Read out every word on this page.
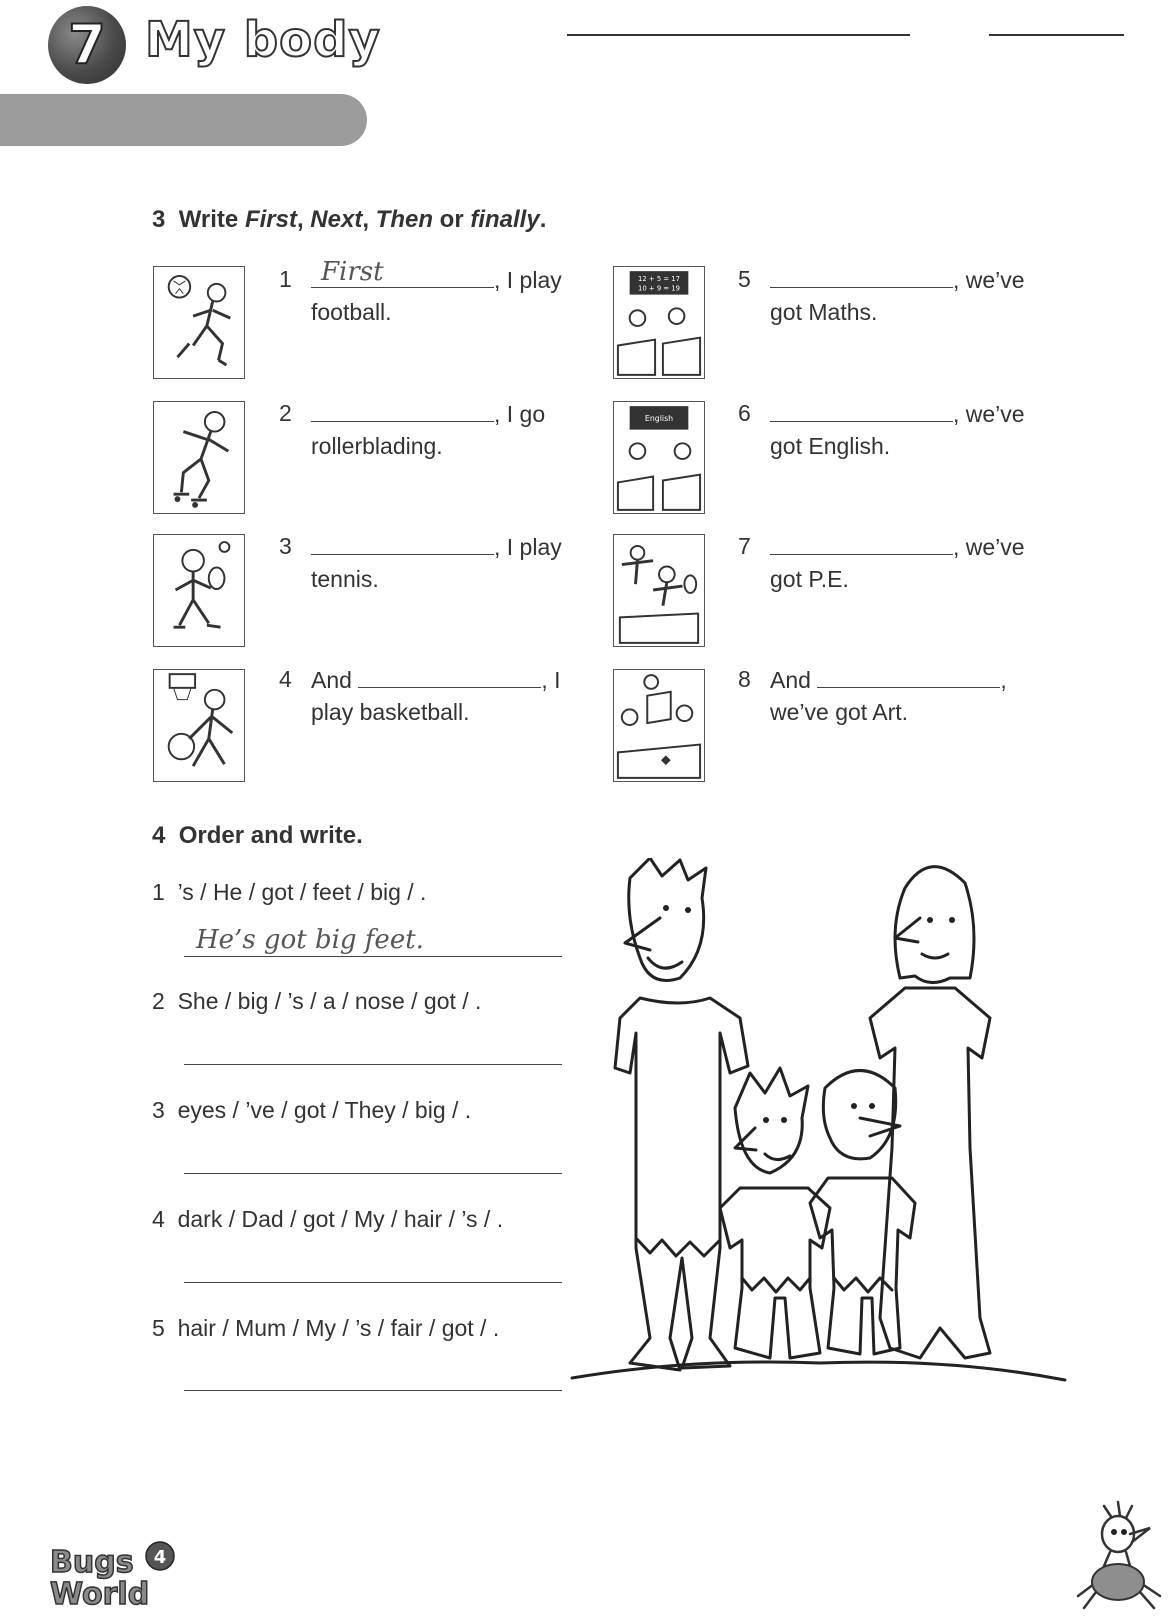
7 My body
3 Write First, Next, Then or finally.
12 + 5 = 17
10 + 9 = 19
English
1 First	, I play
football.
2	, I go
rollerblading.
3	, I play
tennis.
4 And	, I
play basketball.
5	, we’ve
got Maths.
6	, we’ve
got English.
7	, we’ve
got P.E.
8 And	,
we’ve got Art.
4 Order and write.
1 ’s / He / got / feet / big / .
He’s got big feet.
2 She / big / ’s / a / nose / got / .
3 eyes / ’ve / got / They / big / .
4 dark / Dad / got / My / hair / ’s / .
5 hair / Mum / My / ’s / fair / got / .
Bugs
World
4
